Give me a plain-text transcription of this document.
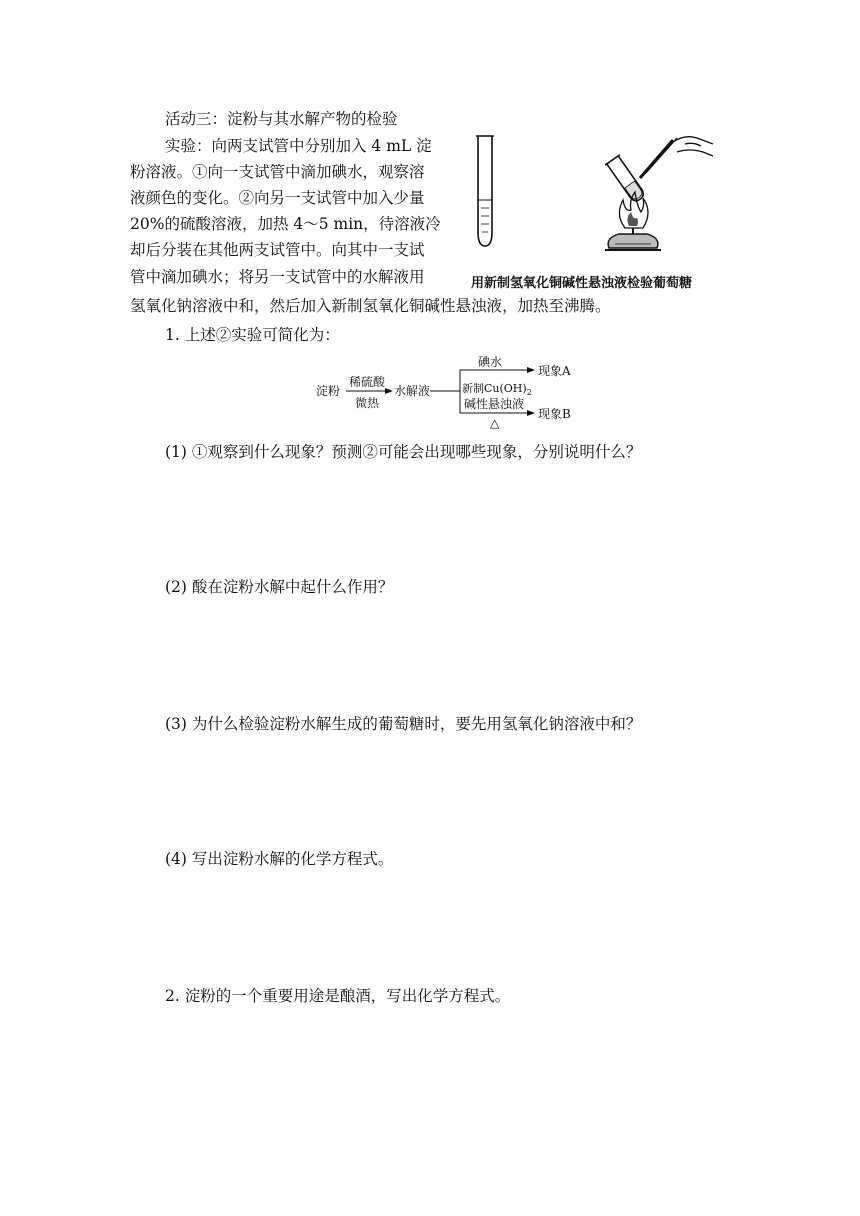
活动三：淀粉与其水解产物的检验
实验：向两支试管中分别加入 4 mL 淀
粉溶液。①向一支试管中滴加碘水，观察溶
液颜色的变化。②向另一支试管中加入少量
20%的硫酸溶液，加热 4～5 min，待溶液冷
却后分装在其他两支试管中。向其中一支试
管中滴加碘水；将另一支试管中的水解液用
氢氧化钠溶液中和，然后加入新制氢氧化铜碱性悬浊液，加热至沸腾。
用新制氢氧化铜碱性悬浊液检验葡萄糖
1. 上述②实验可简化为：
淀粉
稀硫酸
微热
水解液
碘水
现象A
新制$Cu(OH)_2$
碱性悬浊液
现象B
△
(1) ①观察到什么现象？预测②可能会出现哪些现象，分别说明什么？
(2) 酸在淀粉水解中起什么作用？
(3) 为什么检验淀粉水解生成的葡萄糖时，要先用氢氧化钠溶液中和？
(4) 写出淀粉水解的化学方程式。
2. 淀粉的一个重要用途是酿酒，写出化学方程式。
